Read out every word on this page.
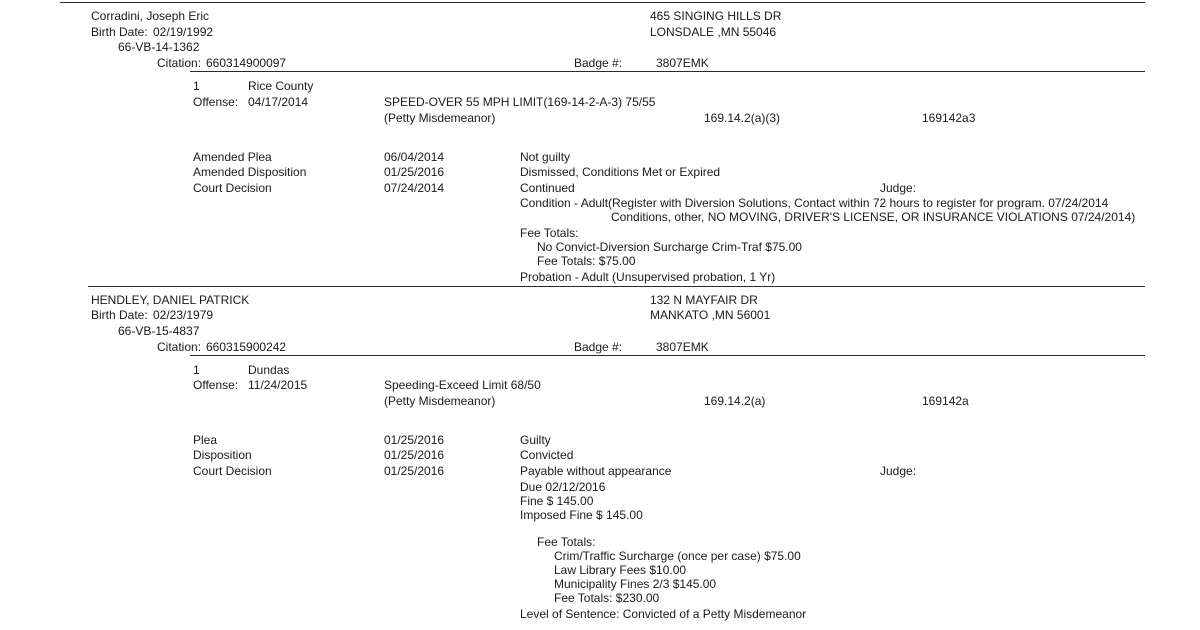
Corradini, Joseph Eric
Birth Date: 02/19/1992
66-VB-14-1362
Citation: 660314900097
465 SINGING HILLS DR
LONSDALE ,MN 55046
Badge #:	3807EMK
1	Rice County
Offense: 04/17/2014	SPEED-OVER 55 MPH LIMIT(169-14-2-A-3) 75/55
(Petty Misdemeanor)	169.14.2(a)(3)	169142a3
Amended Plea	06/04/2014	Not guilty
Amended Disposition	01/25/2016	Dismissed, Conditions Met or Expired
Court Decision	07/24/2014	Continued	Judge:
Condition - Adult(Register with Diversion Solutions, Contact within 72 hours to register for program. 07/24/2014
Conditions, other, NO MOVING, DRIVER'S LICENSE, OR INSURANCE VIOLATIONS 07/24/2014)
Fee Totals:
No Convict-Diversion Surcharge Crim-Traf $75.00
Fee Totals: $75.00
Probation - Adult (Unsupervised probation, 1 Yr)
HENDLEY, DANIEL PATRICK
Birth Date: 02/23/1979
66-VB-15-4837
Citation: 660315900242
132 N MAYFAIR DR
MANKATO ,MN 56001
Badge #:	3807EMK
1	Dundas
Offense: 11/24/2015	Speeding-Exceed Limit 68/50
(Petty Misdemeanor)	169.14.2(a)	169142a
Plea	01/25/2016	Guilty
Disposition	01/25/2016	Convicted
Court Decision	01/25/2016	Payable without appearance	Judge:
Due 02/12/2016
Fine $ 145.00
Imposed Fine $ 145.00
Fee Totals:
Crim/Traffic Surcharge (once per case) $75.00
Law Library Fees $10.00
Municipality Fines 2/3 $145.00
Fee Totals: $230.00
Level of Sentence: Convicted of a Petty Misdemeanor
